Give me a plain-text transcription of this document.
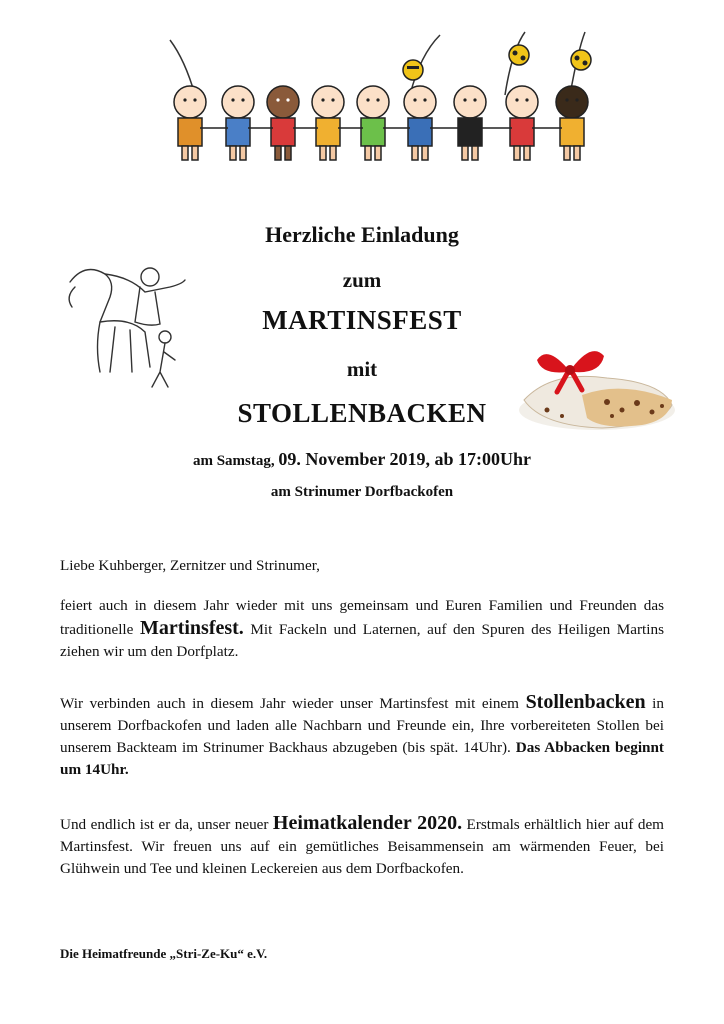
Herzliche Einladung
zum
MARTINSFEST
mit
STOLLENBACKEN
am Samstag, 09. November 2019, ab 17:00Uhr
am Strinumer Dorfbackofen
Liebe Kuhberger, Zernitzer und Strinumer,
feiert auch in diesem Jahr wieder mit uns gemeinsam und Euren Familien und Freunden das traditionelle Martinsfest. Mit Fackeln und Laternen, auf den Spuren des Heiligen Martins ziehen wir um den Dorfplatz.
Wir verbinden auch in diesem Jahr wieder unser Martinsfest mit einem Stollenbacken in unserem Dorfbackofen und laden alle Nachbarn und Freunde ein, Ihre vorbereiteten Stollen bei unserem Backteam im Strinumer Backhaus abzugeben (bis spät. 14Uhr). Das Abbacken beginnt um 14Uhr.
Und endlich ist er da, unser neuer Heimatkalender 2020. Erstmals erhältlich hier auf dem Martinsfest. Wir freuen uns auf ein gemütliches Beisammensein am wärmenden Feuer, bei Glühwein und Tee und kleinen Leckereien aus dem Dorfbackofen.
Die Heimatfreunde „Stri-Ze-Ku“ e.V.
